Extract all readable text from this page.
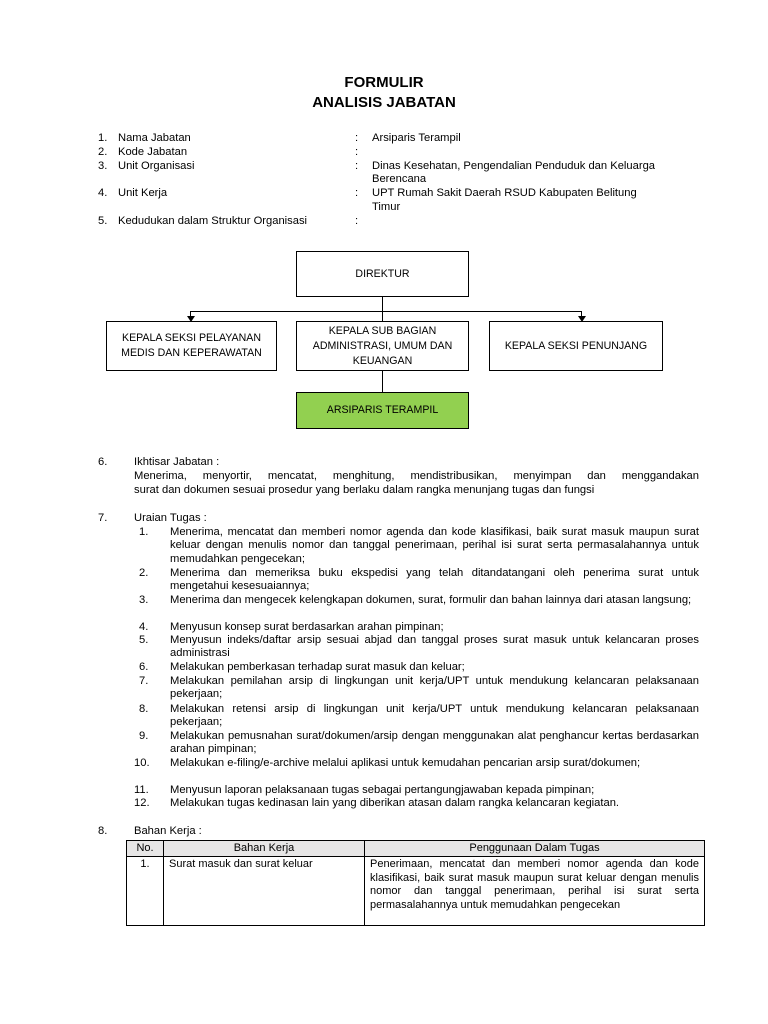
FORMULIR
ANALISIS JABATAN
1. Nama Jabatan	: Arsiparis Terampil
2. Kode Jabatan	:
3. Unit Organisasi	: Dinas Kesehatan, Pengendalian Penduduk dan Keluarga
Berencana
4. Unit Kerja	: UPT Rumah Sakit Daerah RSUD Kabupaten Belitung
Timur
5. Kedudukan dalam Struktur Organisasi	:
DIREKTUR
KEPALA SEKSI PELAYANAN MEDIS DAN KEPERAWATAN
KEPALA SUB BAGIAN ADMINISTRASI, UMUM DAN KEUANGAN
KEPALA SEKSI PENUNJANG
ARSIPARIS TERAMPIL
6. Ikhtisar Jabatan :
Menerima, menyortir, mencatat, menghitung, mendistribusikan, menyimpan dan menggandakan
surat dan dokumen sesuai prosedur yang berlaku dalam rangka menunjang tugas dan fungsi
7. Uraian Tugas :
1.	Menerima, mencatat dan memberi nomor agenda dan kode klasifikasi, baik surat masuk maupun surat keluar dengan menulis nomor dan tanggal penerimaan, perihal isi surat serta permasalahannya untuk memudahkan pengecekan;
2.	Menerima dan memeriksa buku ekspedisi yang telah ditandatangani oleh penerima surat untuk mengetahui kesesuaiannya;
3.	Menerima dan mengecek kelengkapan dokumen, surat, formulir dan bahan lainnya dari atasan langsung;
4.	Menyusun konsep surat berdasarkan arahan pimpinan;
5.	Menyusun indeks/daftar arsip sesuai abjad dan tanggal proses surat masuk untuk kelancaran proses administrasi
6.	Melakukan pemberkasan terhadap surat masuk dan keluar;
7.	Melakukan pemilahan arsip di lingkungan unit kerja/UPT untuk mendukung kelancaran pelaksanaan pekerjaan;
8.	Melakukan retensi arsip di lingkungan unit kerja/UPT untuk mendukung kelancaran pelaksanaan pekerjaan;
9.	Melakukan pemusnahan surat/dokumen/arsip dengan menggunakan alat penghancur kertas berdasarkan arahan pimpinan;
10.	Melakukan e-filing/e-archive melalui aplikasi untuk kemudahan pencarian arsip surat/dokumen;
11.	Menyusun laporan pelaksanaan tugas sebagai pertangungjawaban kepada pimpinan;
12.	Melakukan tugas kedinasan lain yang diberikan atasan dalam rangka kelancaran kegiatan.
8. Bahan Kerja :
No.	Bahan Kerja	Penggunaan Dalam Tugas
1.	Surat masuk dan surat keluar	Penerimaan, mencatat dan memberi nomor agenda dan kode klasifikasi, baik surat masuk maupun surat keluar dengan menulis nomor dan tanggal penerimaan, perihal isi surat serta permasalahannya untuk memudahkan pengecekan
